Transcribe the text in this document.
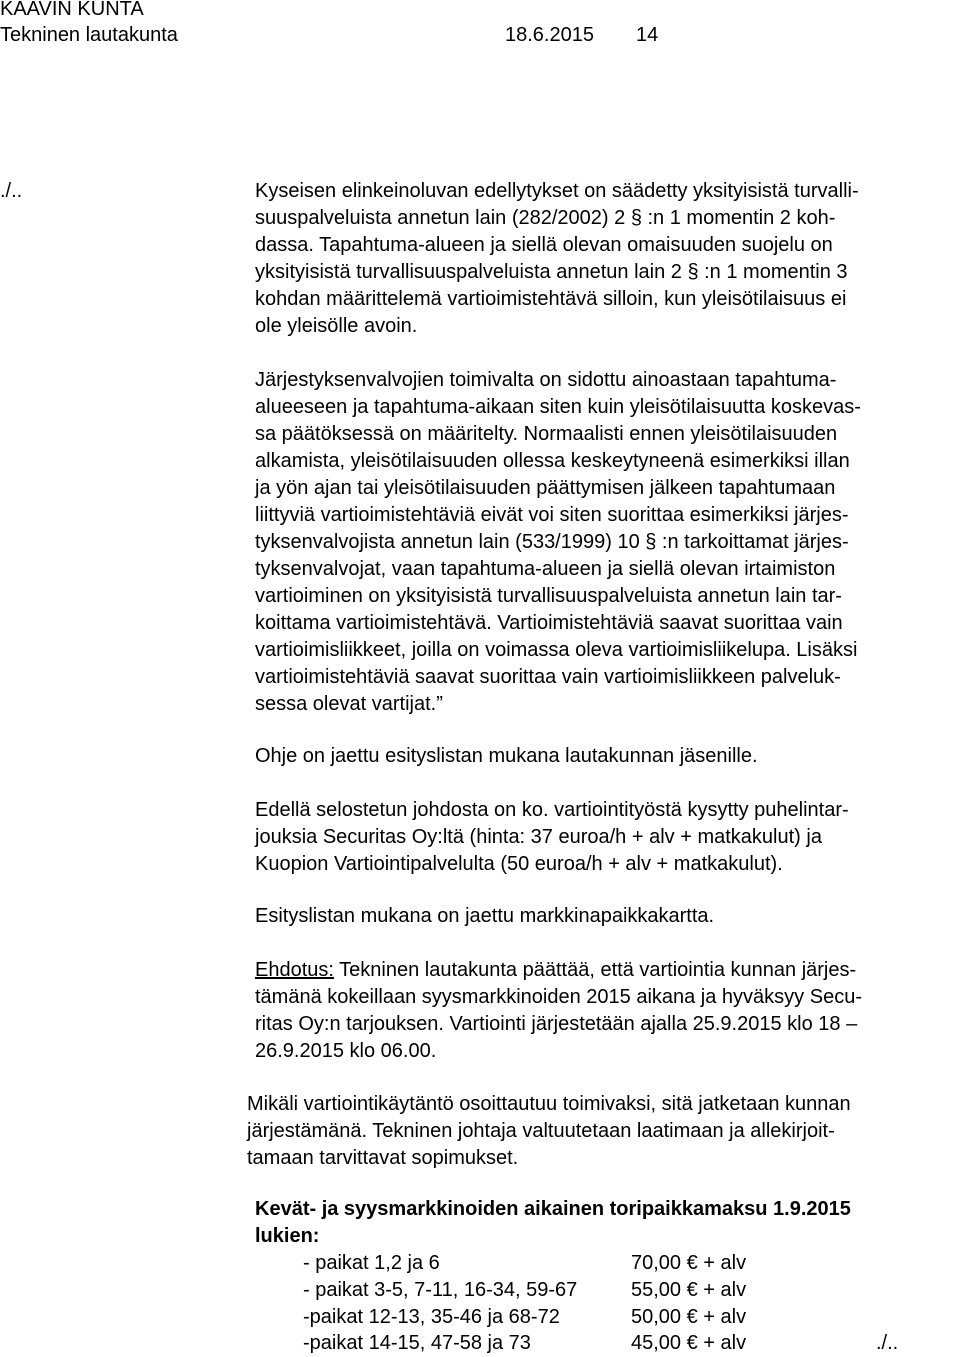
KAAVIN KUNTA
Tekninen lautakunta	18.6.2015 14
./..	Kyseisen elinkeinoluvan edellytykset on säädetty yksityisistä turvalli-
suuspalveluista annetun lain (282/2002) 2 § :n 1 momentin 2 koh-
dassa. Tapahtuma-alueen ja siellä olevan omaisuuden suojelu on
yksityisistä turvallisuuspalveluista annetun lain 2 § :n 1 momentin 3
kohdan määrittelemä vartioimistehtävä silloin, kun yleisötilaisuus ei
ole yleisölle avoin.
Järjestyksenvalvojien toimivalta on sidottu ainoastaan tapahtuma-
alueeseen ja tapahtuma-aikaan siten kuin yleisötilaisuutta koskevas-
sa päätöksessä on määritelty. Normaalisti ennen yleisötilaisuuden
alkamista, yleisötilaisuuden ollessa keskeytyneenä esimerkiksi illan
ja yön ajan tai yleisötilaisuuden päättymisen jälkeen tapahtumaan
liittyviä vartioimistehtäviä eivät voi siten suorittaa esimerkiksi järjes-
tyksenvalvojista annetun lain (533/1999) 10 § :n tarkoittamat järjes-
tyksenvalvojat, vaan tapahtuma-alueen ja siellä olevan irtaimiston
vartioiminen on yksityisistä turvallisuuspalveluista annetun lain tar-
koittama vartioimistehtävä. Vartioimistehtäviä saavat suorittaa vain
vartioimisliikkeet, joilla on voimassa oleva vartioimisliikelupa. Lisäksi
vartioimistehtäviä saavat suorittaa vain vartioimisliikkeen palveluk-
sessa olevat vartijat.”
Ohje on jaettu esityslistan mukana lautakunnan jäsenille.
Edellä selostetun johdosta on ko. vartiointityöstä kysytty puhelintar-
jouksia Securitas Oy:ltä (hinta: 37 euroa/h + alv + matkakulut) ja
Kuopion Vartiointipalvelulta (50 euroa/h + alv + matkakulut).
Esityslistan mukana on jaettu markkinapaikkakartta.
Ehdotus: Tekninen lautakunta päättää, että vartiointia kunnan järjes-
tämänä kokeillaan syysmarkkinoiden 2015 aikana ja hyväksyy Secu-
ritas Oy:n tarjouksen. Vartiointi järjestetään ajalla 25.9.2015 klo 18 –
26.9.2015 klo 06.00.
Mikäli vartiointikäytäntö osoittautuu toimivaksi, sitä jatketaan kunnan
järjestämänä. Tekninen johtaja valtuutetaan laatimaan ja allekirjoit-
tamaan tarvittavat sopimukset.
Kevät- ja syysmarkkinoiden aikainen toripaikkamaksu 1.9.2015
lukien:
- paikat 1,2 ja 6	70,00 € + alv
- paikat 3-5, 7-11, 16-34, 59-67	55,00 € + alv
-paikat 12-13, 35-46 ja 68-72	50,00 € + alv
-paikat 14-15, 47-58 ja 73	45,00 € + alv	./..
